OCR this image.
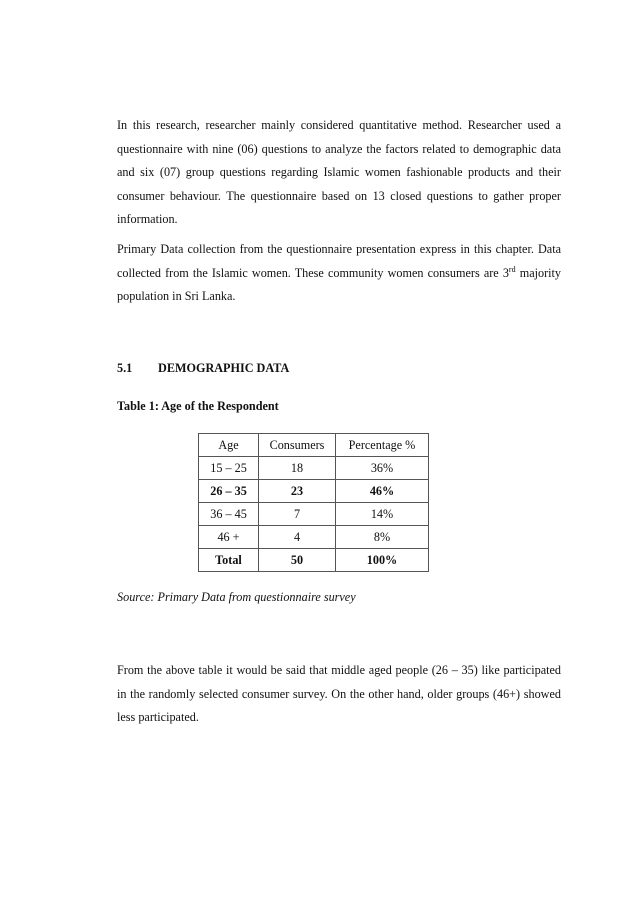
In this research, researcher mainly considered quantitative method. Researcher used a questionnaire with nine (06) questions to analyze the factors related to demographic data and six (07) group questions regarding Islamic women fashionable products and their consumer behaviour. The questionnaire based on 13 closed questions to gather proper information.

Primary Data collection from the questionnaire presentation express in this chapter. Data collected from the Islamic women. These community women consumers are 3rd majority population in Sri Lanka.

5.1 DEMOGRAPHIC DATA
Table 1: Age of the Respondent
Age	Consumers	Percentage %
15 – 25	18	36%
26 – 35	23	46%
36 – 45	7	14%
46 +	4	8%
Total	50	100%
Source: Primary Data from questionnaire survey

From the above table it would be said that middle aged people (26 – 35) like participated in the randomly selected consumer survey. On the other hand, older groups (46+) showed less participated.
